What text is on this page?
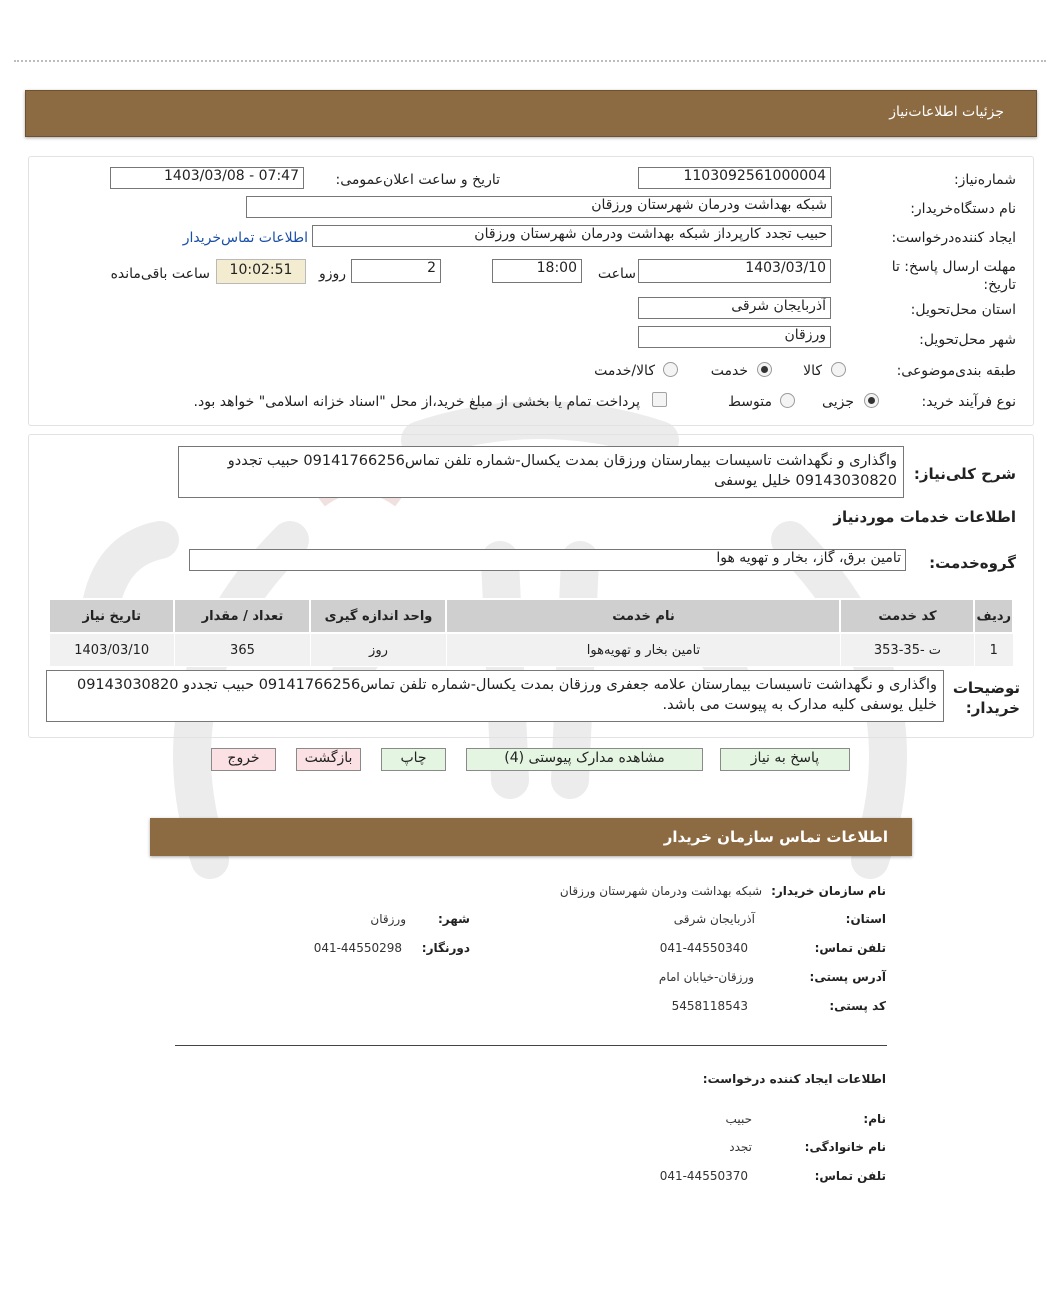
جزئیات اطلاعات‌نیاز
شماره‌نیاز:
1103092561000004
تاریخ و ساعت اعلان‌عمومی:
1403/03/08 - 07:47
نام دستگاه‌خریدار:
شبکه بهداشت ودرمان شهرستان ورزقان
ایجاد کننده‌درخواست:
حبیب تجدد کارپرداز شبکه بهداشت ودرمان شهرستان ورزقان
اطلاعات تماس‌خریدار
مهلت ارسال پاسخ: تا تاریخ:
1403/03/10
ساعت
18:00
2
روزو
10:02:51
ساعت باقی‌مانده
استان محل‌تحویل:
آذربایجان شرقی
شهر محل‌تحویل:
ورزقان
طبقه بندی‌موضوعی:
کالا
خدمت
کالا/خدمت
نوع فرآیند خرید:
جزیی
متوسط
پرداخت تمام یا بخشی از مبلغ خرید،از محل "اسناد خزانه اسلامی" خواهد بود.
شرح کلی‌نیاز:
واگذاری و نگهداشت تاسیسات بیمارستان ورزقان بمدت یکسال-شماره تلفن تماس09141766256 حبیب تجددو 09143030820 خلیل یوسفی
اطلاعات خدمات موردنیاز
گروه‌خدمت:
تامین برق، گاز، بخار و تهویه هوا
ردیف	کد خدمت	نام خدمت	واحد اندازه گیری	تعداد / مقدار	تاریخ نیاز
1	ت -35-353	تامین بخار و تهویه‌هوا	روز	365	1403/03/10
توضیحات خریدار:
واگذاری و نگهداشت تاسیسات بیمارستان علامه جعفری ورزقان بمدت یکسال-شماره تلفن تماس09141766256 حبیب تجددو 09143030820 خلیل یوسفی کلیه مدارک به پیوست می باشد.
پاسخ به نیاز
مشاهده مدارک پیوستی (4)
چاپ
بازگشت
خروج
اطلاعات تماس سازمان خریدار
نام سازمان خریدار:
شبکه بهداشت ودرمان شهرستان ورزقان
استان:
آذربایجان شرقی
شهر:
ورزقان
تلفن تماس:
041-44550340
دورنگار:
041-44550298
آدرس پستی:
ورزقان-خیابان امام
کد پستی:
5458118543
اطلاعات ایجاد کننده درخواست:
نام:
حبیب
نام خانوادگی:
تجدد
تلفن تماس:
041-44550370
